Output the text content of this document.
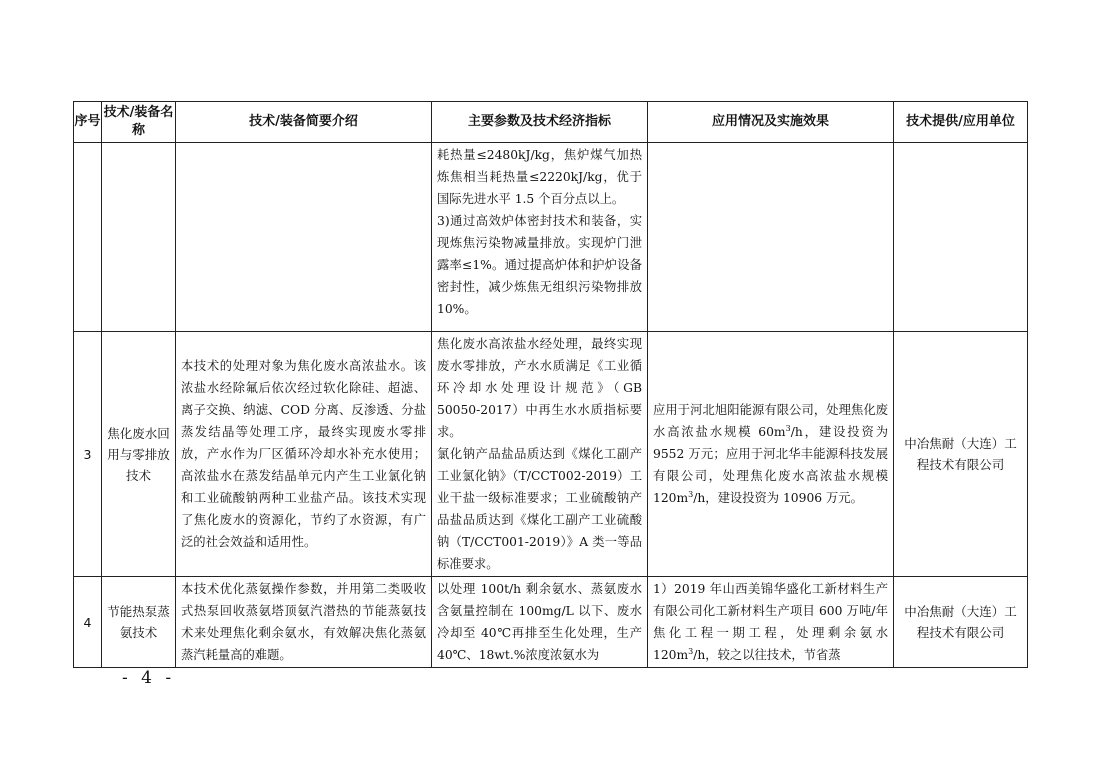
序号	技术/装备名称	技术/装备简要介绍	主要参数及技术经济指标	应用情况及实施效果	技术提供/应用单位

			耗热量≤2480kJ/kg，焦炉煤气加热炼焦相当耗热量≤2220kJ/kg，优于国际先进水平 1.5 个百分点以上。

3)通过高效炉体密封技术和装备，实现炼焦污染物减量排放。实现炉门泄露率≤1%。通过提高炉体和护炉设备密封性，减少炼焦无组织污染物排放 10%。		

3	焦化废水回用与零排放技术	本技术的处理对象为焦化废水高浓盐水。该浓盐水经除氟后依次经过软化除硅、超滤、离子交换、纳滤、COD 分离、反渗透、分盐蒸发结晶等处理工序，最终实现废水零排放，产水作为厂区循环冷却水补充水使用；高浓盐水在蒸发结晶单元内产生工业氯化钠和工业硫酸钠两种工业盐产品。该技术实现了焦化废水的资源化，节约了水资源，有广泛的社会效益和适用性。	焦化废水高浓盐水经处理，最终实现废水零排放，产水水质满足《工业循环冷却水处理设计规范》（GB 50050-2017）中再生水水质指标要求。

氯化钠产品盐品质达到《煤化工副产工业氯化钠》（T/CCT002-2019）工业干盐一级标准要求；工业硫酸钠产品盐品质达到《煤化工副产工业硫酸钠（T/CCT001-2019）》A 类一等品标准要求。	应用于河北旭阳能源有限公司，处理焦化废水高浓盐水规模 $60m^3/h$，建设投资为 9552 万元；应用于河北华丰能源科技发展有限公司，处理焦化废水高浓盐水规模 $120m^3/h$，建设投资为 10906 万元。	中冶焦耐（大连）工程技术有限公司

4	节能热泵蒸氨技术	本技术优化蒸氨操作参数，并用第二类吸收式热泵回收蒸氨塔顶氨汽潜热的节能蒸氨技术来处理焦化剩余氨水，有效解决焦化蒸氨蒸汽耗量高的难题。	以处理 100t/h 剩余氨水、蒸氨废水含氨量控制在 100mg/L 以下、废水冷却至 40℃再排至生化处理，生产 40℃、18wt.%浓度浓氨水为	1）2019 年山西美锦华盛化工新材料生产有限公司化工新材料生产项目 600 万吨/年焦化工程一期工程，处理剩余氨水 $120m^3/h$，较之以往技术，节省蒸	中冶焦耐（大连）工程技术有限公司
- 4 -
